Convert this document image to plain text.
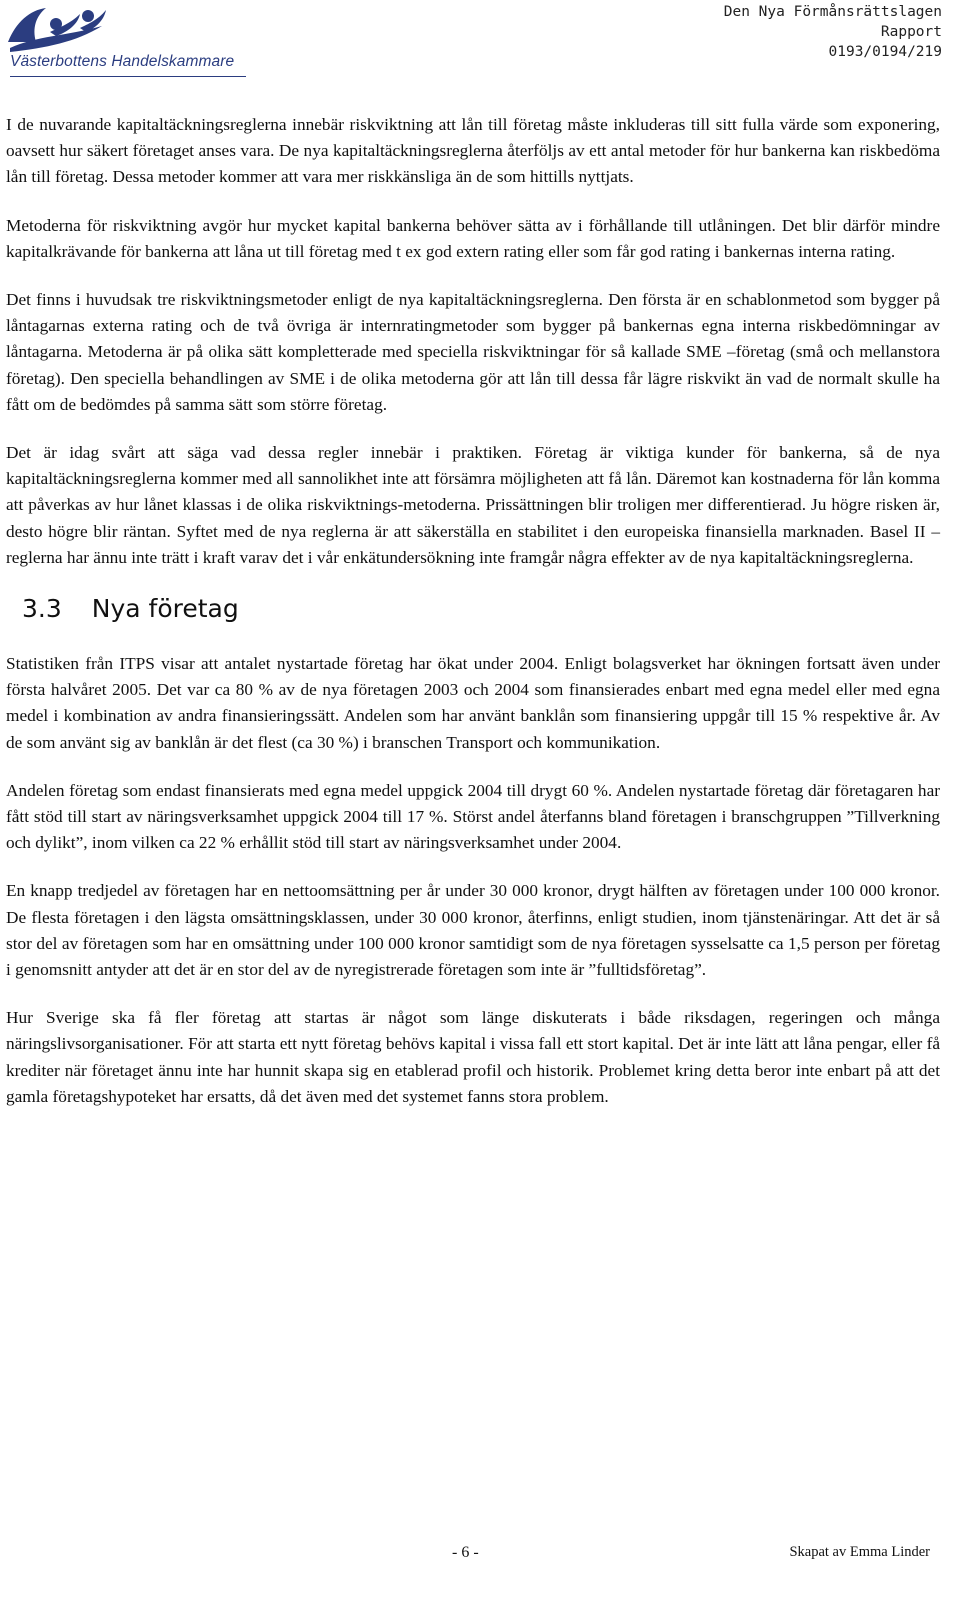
Västerbottens Handelskammare
Den Nya Förmånsrättslagen
Rapport
0193/0194/219

I de nuvarande kapitaltäckningsreglerna innebär riskviktning att lån till företag måste inkluderas till sitt fulla värde som exponering, oavsett hur säkert företaget anses vara. De nya kapitaltäckningsreglerna återföljs av ett antal metoder för hur bankerna kan riskbedöma lån till företag. Dessa metoder kommer att vara mer riskkänsliga än de som hittills nyttjats.

Metoderna för riskviktning avgör hur mycket kapital bankerna behöver sätta av i förhållande till utlåningen. Det blir därför mindre kapitalkrävande för bankerna att låna ut till företag med t ex god extern rating eller som får god rating i bankernas interna rating.

Det finns i huvudsak tre riskviktningsmetoder enligt de nya kapitaltäckningsreglerna. Den första är en schablonmetod som bygger på låntagarnas externa rating och de två övriga är internratingmetoder som bygger på bankernas egna interna riskbedömningar av låntagarna. Metoderna är på olika sätt kompletterade med speciella riskviktningar för så kallade SME –företag (små och mellanstora företag). Den speciella behandlingen av SME i de olika metoderna gör att lån till dessa får lägre riskvikt än vad de normalt skulle ha fått om de bedömdes på samma sätt som större företag.

Det är idag svårt att säga vad dessa regler innebär i praktiken. Företag är viktiga kunder för bankerna, så de nya kapitaltäckningsreglerna kommer med all sannolikhet inte att försämra möjligheten att få lån. Däremot kan kostnaderna för lån komma att påverkas av hur lånet klassas i de olika riskviktnings-metoderna. Prissättningen blir troligen mer differentierad. Ju högre risken är, desto högre blir räntan. Syftet med de nya reglerna är att säkerställa en stabilitet i den europeiska finansiella marknaden. Basel II – reglerna har ännu inte trätt i kraft varav det i vår enkätundersökning inte framgår några effekter av de nya kapitaltäckningsreglerna.

3.3 Nya företag

Statistiken från ITPS visar att antalet nystartade företag har ökat under 2004. Enligt bolagsverket har ökningen fortsatt även under första halvåret 2005. Det var ca 80 % av de nya företagen 2003 och 2004 som finansierades enbart med egna medel eller med egna medel i kombination av andra finansieringssätt. Andelen som har använt banklån som finansiering uppgår till 15 % respektive år. Av de som använt sig av banklån är det flest (ca 30 %) i branschen Transport och kommunikation.

Andelen företag som endast finansierats med egna medel uppgick 2004 till drygt 60 %. Andelen nystartade företag där företagaren har fått stöd till start av näringsverksamhet uppgick 2004 till 17 %. Störst andel återfanns bland företagen i branschgruppen ”Tillverkning och dylikt”, inom vilken ca 22 % erhållit stöd till start av näringsverksamhet under 2004.

En knapp tredjedel av företagen har en nettoomsättning per år under 30 000 kronor, drygt hälften av företagen under 100 000 kronor. De flesta företagen i den lägsta omsättningsklassen, under 30 000 kronor, återfinns, enligt studien, inom tjänstenäringar. Att det är så stor del av företagen som har en omsättning under 100 000 kronor samtidigt som de nya företagen sysselsatte ca 1,5 person per företag i genomsnitt antyder att det är en stor del av de nyregistrerade företagen som inte är ”fulltidsföretag”.

Hur Sverige ska få fler företag att startas är något som länge diskuterats i både riksdagen, regeringen och många näringslivsorganisationer. För att starta ett nytt företag behövs kapital i vissa fall ett stort kapital. Det är inte lätt att låna pengar, eller få krediter när företaget ännu inte har hunnit skapa sig en etablerad profil och historik. Problemet kring detta beror inte enbart på att det gamla företagshypoteket har ersatts, då det även med det systemet fanns stora problem.

- 6 -	Skapat av Emma Linder
